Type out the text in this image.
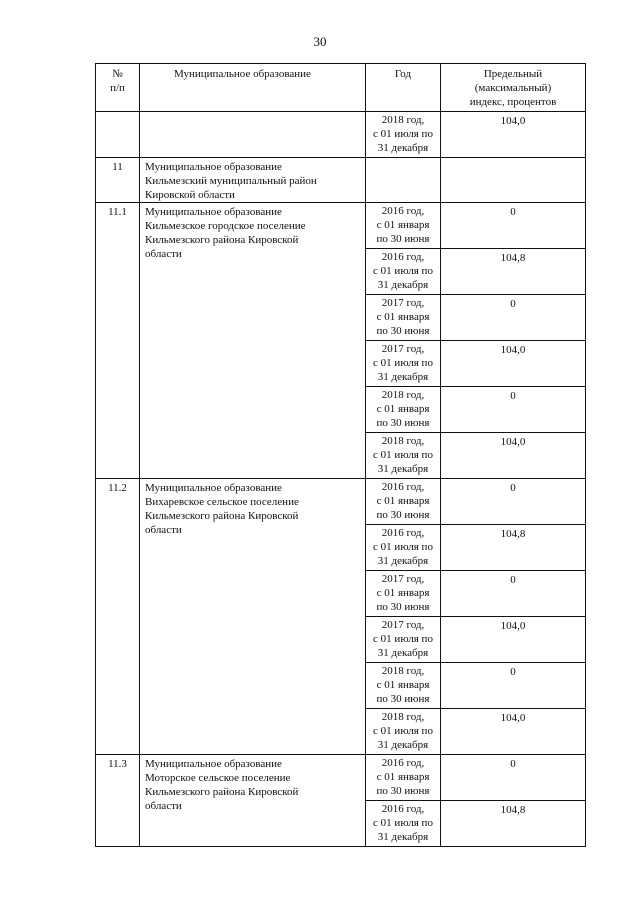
30
№
п/п	Муниципальное образование	Год	Предельный
(максимальный)
индекс, процентов

		2018 год,
с 01 июля по
31 декабря	104,0
11	Муниципальное образование
Кильмезский муниципальный район
Кировской области		

11.1	Муниципальное образование
Кильмезское городское поселение
Кильмезского района Кировской
области	2016 год,
с 01 января
по 30 июня	0

		2016 год,
с 01 июля по
31 декабря	104,8

		2017 год,
с 01 января
по 30 июня	0

		2017 год,
с 01 июля по
31 декабря	104,0

		2018 год,
с 01 января
по 30 июня	0

		2018 год,
с 01 июля по
31 декабря	104,0
11.2	Муниципальное образование
Вихаревское сельское поселение
Кильмезского района Кировской
области	2016 год,
с 01 января
по 30 июня	0

		2016 год,
с 01 июля по
31 декабря	104,8

		2017 год,
с 01 января
по 30 июня	0

		2017 год,
с 01 июля по
31 декабря	104,0

		2018 год,
с 01 января
по 30 июня	0

		2018 год,
с 01 июля по
31 декабря	104,0
11.3	Муниципальное образование
Моторское сельское поселение
Кильмезского района Кировской
области	2016 год,
с 01 января
по 30 июня	0

		2016 год,
с 01 июля по
31 декабря	104,8
